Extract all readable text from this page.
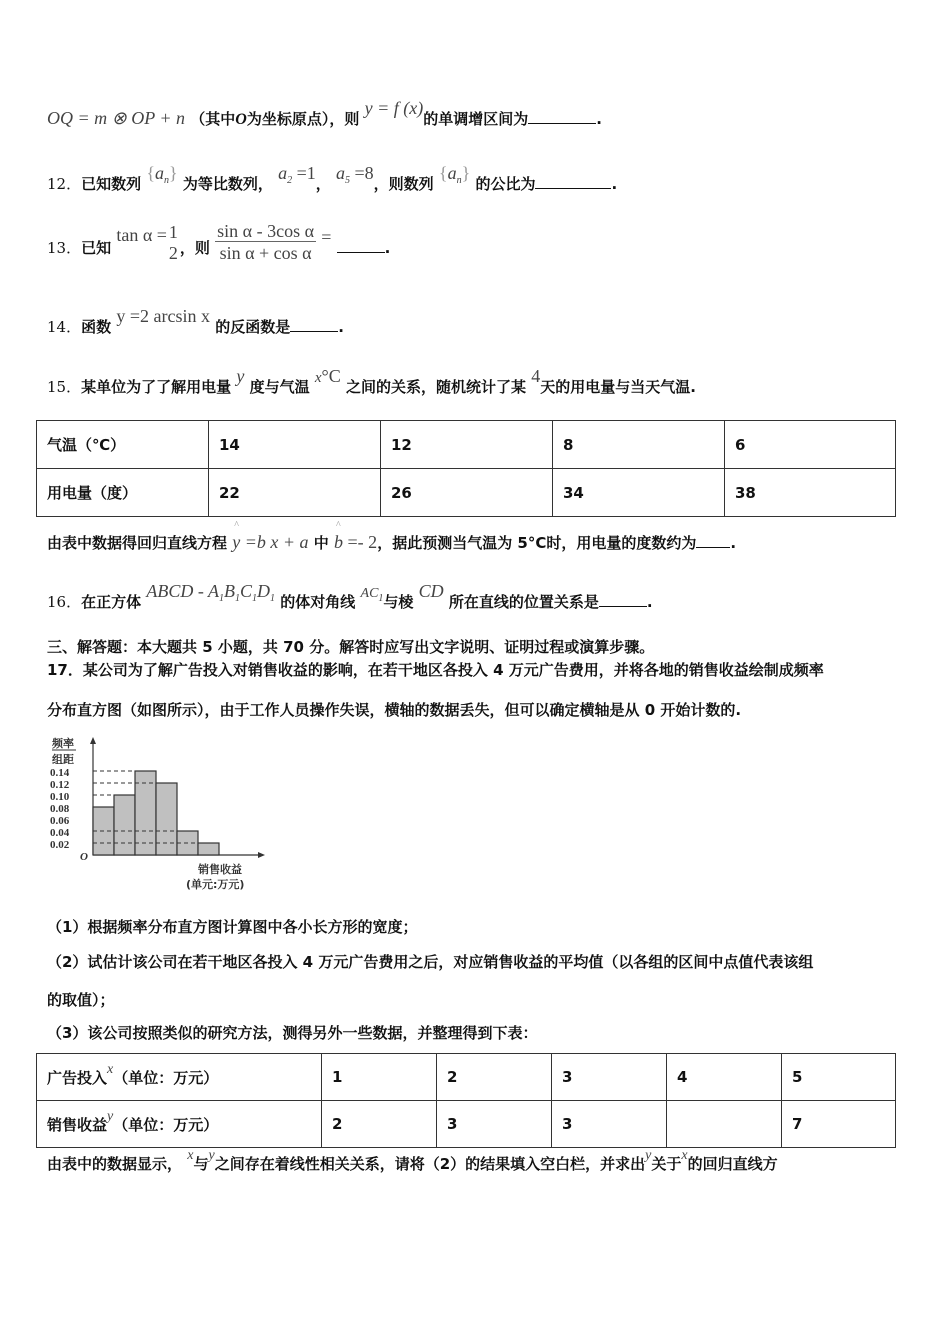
OQ = m ⊗ OP + n （其中O为坐标原点），则 y = f (x)的单调增区间为	.
12．已知数列 $\{a^n\}$ 为等比数列， $a^2 =1$， $a^5 =8$，则数列 $\{a^n\}$ 的公比为	.
13．已知 tan α = 1
2 ，则 $\frac{\text{sin α - 3cos α}}{\text{sin α + cos α}}$ = .
14．函数 y =2 arcsin x 的反函数是	.
15．某单位为了了解用电量 y 度与气温 x°C 之间的关系，随机统计了某 4天的用电量与当天气温.
气温（℃）	14	12	8	6
用电量（度）	22	26	34	38
由表中数据得回归直线方程 ^ y =b x + a 中 ^ b =- 2，据此预测当气温为 5°C时，用电量的度数约为 .
16．在正方体 ABCD - $A^1B^1C^1D^1$ 的体对角线 $AC^1$与棱 CD 所在直线的位置关系是	.
三、解答题：本大题共 5 小题，共 70 分。解答时应写出文字说明、证明过程或演算步骤。
17．某公司为了解广告投入对销售收益的影响，在若干地区各投入 4 万元广告费用，并将各地的销售收益绘制成频率
分布直方图（如图所示），由于工作人员操作失误，横轴的数据丢失，但可以确定横轴是从 0 开始计数的.
频率
组距
0.14
0.12
0.10
0.08
0.06
0.04
0.02
O
销售收益
(单元:万元)
（1）根据频率分布直方图计算图中各小长方形的宽度；
（2）试估计该公司在若干地区各投入 4 万元广告费用之后，对应销售收益的平均值（以各组的区间中点值代表该组
的取值）；
（3）该公司按照类似的研究方法，测得另外一些数据，并整理得到下表：
广告投入x（单位：万元）	1	2	3	4	5
销售收益y（单位：万元）	2	3	3		7
由表中的数据显示， x与y之间存在着线性相关关系，请将（2）的结果填入空白栏，并求出y关于x的回归直线方
